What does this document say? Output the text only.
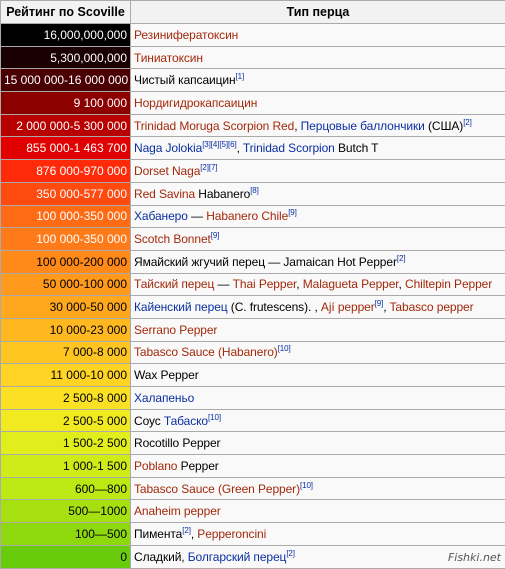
Рейтинг по Scoville	Тип перца
16,000,000,000	Резинифератоксин
5,300,000,000	Тиниатоксин
15 000 000-16 000 000	Чистый капсаицин[1]
9 100 000	Нордигидрокапсаицин
2 000 000-5 300 000	Trinidad Moruga Scorpion Red, Перцовые баллончики (США)[2]
855 000-1 463 700	Naga Jolokia[3][4][5][6], Trinidad Scorpion Butch T
876 000-970 000	Dorset Naga[2][7]
350 000-577 000	Red Savina Habanero[8]
100 000-350 000	Хабанеро — Habanero Chile[9]
100 000-350 000	Scotch Bonnet[9]
100 000-200 000	Ямайский жгучий перец — Jamaican Hot Pepper[2]
50 000-100 000	Тайский перец — Thai Pepper, Malagueta Pepper, Chiltepin Pepper
30 000-50 000	Кайенский перец (C. frutescens). , Ají pepper[9], Tabasco pepper
10 000-23 000	Serrano Pepper
7 000-8 000	Tabasco Sauce (Habanero)[10]
11 000-10 000	Wax Pepper
2 500-8 000	Халапеньо
2 500-5 000	Соус Табаско[10]
1 500-2 500	Rocotillo Pepper
1 000-1 500	Poblano Pepper
600—800	Tabasco Sauce (Green Pepper)[10]
500—1000	Anaheim pepper
100—500	Пимента[2], Pepperoncini
0	Сладкий, Болгарский перец[2]	Fishki.net
